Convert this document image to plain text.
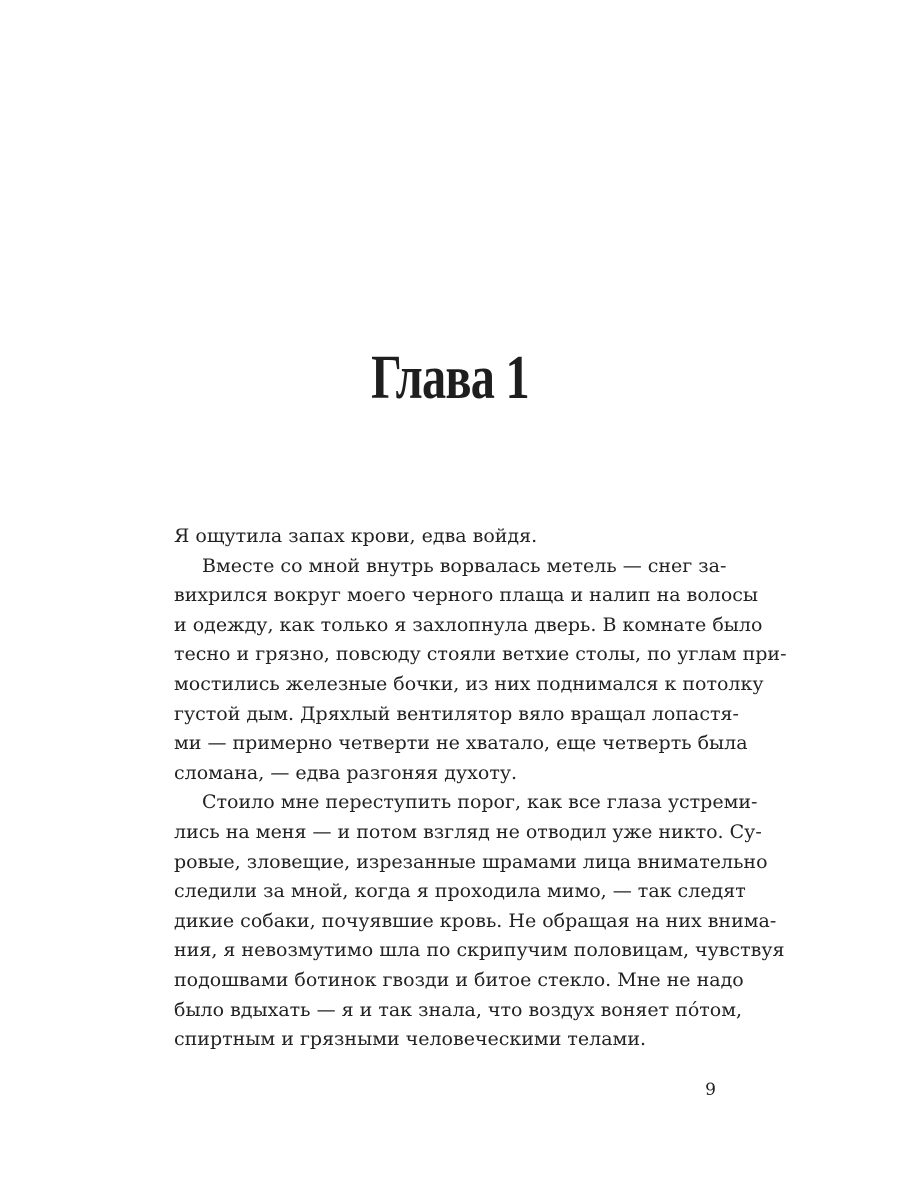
Глава 1
Я ощутила запах крови, едва войдя.
Вместе со мной внутрь ворвалась метель — снег за-
вихрился вокруг моего черного плаща и налип на волосы
и одежду, как только я захлопнула дверь. В комнате было
тесно и грязно, повсюду стояли ветхие столы, по углам при-
мостились железные бочки, из них поднимался к потолку
густой дым. Дряхлый вентилятор вяло вращал лопастя-
ми — примерно четверти не хватало, еще четверть была
сломана, — едва разгоняя духоту.
Стоило мне переступить порог, как все глаза устреми-
лись на меня — и потом взгляд не отводил уже никто. Су-
ровые, зловещие, изрезанные шрамами лица внимательно
следили за мной, когда я проходила мимо, — так следят
дикие собаки, почуявшие кровь. Не обращая на них внима-
ния, я невозмутимо шла по скрипучим половицам, чувствуя
подошвами ботинок гвозди и битое стекло. Мне не надо
было вдыхать — я и так знала, что воздух воняет по́том,
спиртным и грязными человеческими телами.
9
